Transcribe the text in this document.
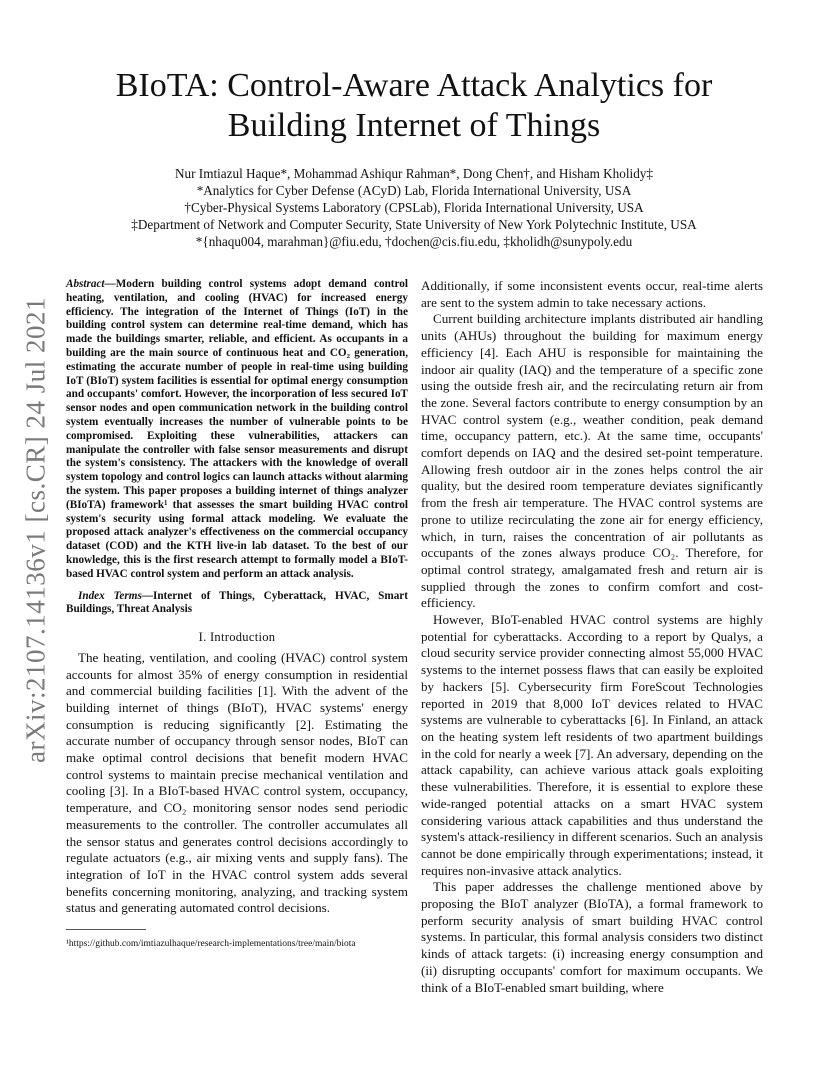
arXiv:2107.14136v1 [cs.CR] 24 Jul 2021
BIoTA: Control-Aware Attack Analytics for
Building Internet of Things
Nur Imtiazul Haque*, Mohammad Ashiqur Rahman*, Dong Chen†, and Hisham Kholidy‡
*Analytics for Cyber Defense (ACyD) Lab, Florida International University, USA
†Cyber-Physical Systems Laboratory (CPSLab), Florida International University, USA
‡Department of Network and Computer Security, State University of New York Polytechnic Institute, USA
*{nhaqu004, marahman}@fiu.edu, †dochen@cis.fiu.edu, ‡kholidh@sunypoly.edu

Abstract—Modern building control systems adopt demand control heating, ventilation, and cooling (HVAC) for increased energy efficiency. The integration of the Internet of Things (IoT) in the building control system can determine real-time demand, which has made the buildings smarter, reliable, and efficient. As occupants in a building are the main source of continuous heat and CO₂ generation, estimating the accurate number of people in real-time using building IoT (BIoT) system facilities is essential for optimal energy consumption and occupants' comfort. However, the incorporation of less secured IoT sensor nodes and open communication network in the building control system eventually increases the number of vulnerable points to be compromised. Exploiting these vulnerabilities, attackers can manipulate the controller with false sensor measurements and disrupt the system's consistency. The attackers with the knowledge of overall system topology and control logics can launch attacks without alarming the system. This paper proposes a building internet of things analyzer (BIoTA) framework¹ that assesses the smart building HVAC control system's security using formal attack modeling. We evaluate the proposed attack analyzer's effectiveness on the commercial occupancy dataset (COD) and the KTH live-in lab dataset. To the best of our knowledge, this is the first research attempt to formally model a BIoT-based HVAC control system and perform an attack analysis.

Index Terms—Internet of Things, Cyberattack, HVAC, Smart Buildings, Threat Analysis

I. Introduction

The heating, ventilation, and cooling (HVAC) control system accounts for almost 35% of energy consumption in residential and commercial building facilities [1]. With the advent of the building internet of things (BIoT), HVAC systems' energy consumption is reducing significantly [2]. Estimating the accurate number of occupancy through sensor nodes, BIoT can make optimal control decisions that benefit modern HVAC control systems to maintain precise mechanical ventilation and cooling [3]. In a BIoT-based HVAC control system, occupancy, temperature, and CO₂ monitoring sensor nodes send periodic measurements to the controller. The controller accumulates all the sensor status and generates control decisions accordingly to regulate actuators (e.g., air mixing vents and supply fans). The integration of IoT in the HVAC control system adds several benefits concerning monitoring, analyzing, and tracking system status and generating automated control decisions.

¹https://github.com/imtiazulhaque/research-implementations/tree/main/biota

Additionally, if some inconsistent events occur, real-time alerts are sent to the system admin to take necessary actions.

Current building architecture implants distributed air handling units (AHUs) throughout the building for maximum energy efficiency [4]. Each AHU is responsible for maintaining the indoor air quality (IAQ) and the temperature of a specific zone using the outside fresh air, and the recirculating return air from the zone. Several factors contribute to energy consumption by an HVAC control system (e.g., weather condition, peak demand time, occupancy pattern, etc.). At the same time, occupants' comfort depends on IAQ and the desired set-point temperature. Allowing fresh outdoor air in the zones helps control the air quality, but the desired room temperature deviates significantly from the fresh air temperature. The HVAC control systems are prone to utilize recirculating the zone air for energy efficiency, which, in turn, raises the concentration of air pollutants as occupants of the zones always produce CO₂. Therefore, for optimal control strategy, amalgamated fresh and return air is supplied through the zones to confirm comfort and cost-efficiency.

However, BIoT-enabled HVAC control systems are highly potential for cyberattacks. According to a report by Qualys, a cloud security service provider connecting almost 55,000 HVAC systems to the internet possess flaws that can easily be exploited by hackers [5]. Cybersecurity firm ForeScout Technologies reported in 2019 that 8,000 IoT devices related to HVAC systems are vulnerable to cyberattacks [6]. In Finland, an attack on the heating system left residents of two apartment buildings in the cold for nearly a week [7]. An adversary, depending on the attack capability, can achieve various attack goals exploiting these vulnerabilities. Therefore, it is essential to explore these wide-ranged potential attacks on a smart HVAC system considering various attack capabilities and thus understand the system's attack-resiliency in different scenarios. Such an analysis cannot be done empirically through experimentations; instead, it requires non-invasive attack analytics.

This paper addresses the challenge mentioned above by proposing the BIoT analyzer (BIoTA), a formal framework to perform security analysis of smart building HVAC control systems. In particular, this formal analysis considers two distinct kinds of attack targets: (i) increasing energy consumption and (ii) disrupting occupants' comfort for maximum occupants. We think of a BIoT-enabled smart building, where
